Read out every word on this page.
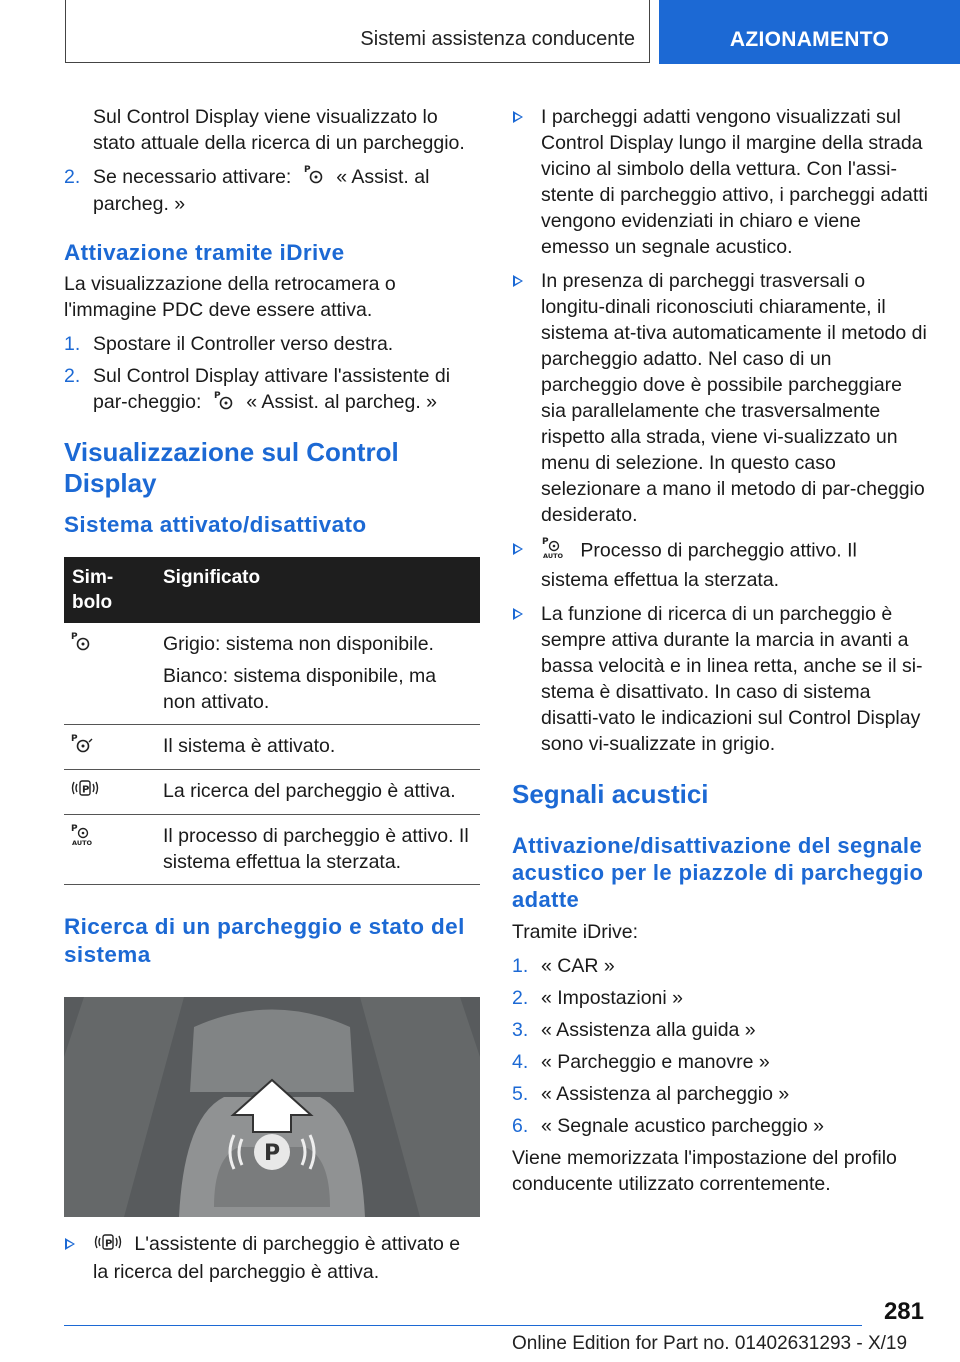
Sistemi assistenza conducente	AZIONAMENTO

Sul Control Display viene visualizzato lo stato attuale della ricerca di un parcheggio.

2. Se necessario attivare: P « Assist. al parcheg. »
Attivazione tramite iDrive

La visualizzazione della retrocamera o l'immagine PDC deve essere attiva.

1. Spostare il Controller verso destra.
2. Sul Control Display attivare l'assistente di par-cheggio: P « Assist. al parcheg. »
Visualizzazione sul Control Display
Sistema attivato/disattivato
Sim-bolo	Significato

P	Grigio: sistema non disponibile.
Bianco: sistema disponibile, ma non attivato.

P	Il sistema è attivato.

P	La ricerca del parcheggio è attiva.

P
AUTO	Il processo di parcheggio è attivo. Il sistema effettua la sterzata.
Ricerca di un parcheggio e stato del sistema
P
P L'assistente di parcheggio è attivato e la ricerca del parcheggio è attiva.
I parcheggi adatti vengono visualizzati sul Control Display lungo il margine della strada vicino al simbolo della vettura. Con l'assi-stente di parcheggio attivo, i parcheggi adatti vengono evidenziati in chiaro e viene emesso un segnale acustico.
In presenza di parcheggi trasversali o longitu-dinali riconosciuti chiaramente, il sistema at-tiva automaticamente il metodo di parcheggio adatto. Nel caso di un parcheggio dove è possibile parcheggiare sia parallelamente che trasversalmente rispetto alla strada, viene vi-sualizzato un menu di selezione. In questo caso selezionare a mano il metodo di par-cheggio desiderato.
P
AUTO Processo di parcheggio attivo. Il sistema effettua la sterzata.
La funzione di ricerca di un parcheggio è sempre attiva durante la marcia in avanti a bassa velocità e in linea retta, anche se il si-stema è disattivato. In caso di sistema disatti-vato le indicazioni sul Control Display sono vi-sualizzate in grigio.
Segnali acustici
Attivazione/disattivazione del segnale acustico per le piazzole di parcheggio adatte

Tramite iDrive:

1. « CAR »
2. « Impostazioni »
3. « Assistenza alla guida »
4. « Parcheggio e manovre »
5. « Assistenza al parcheggio »
6. « Segnale acustico parcheggio »

Viene memorizzata l'impostazione del profilo conducente utilizzato correntemente.

281
Online Edition for Part no. 01402631293 - X/19
